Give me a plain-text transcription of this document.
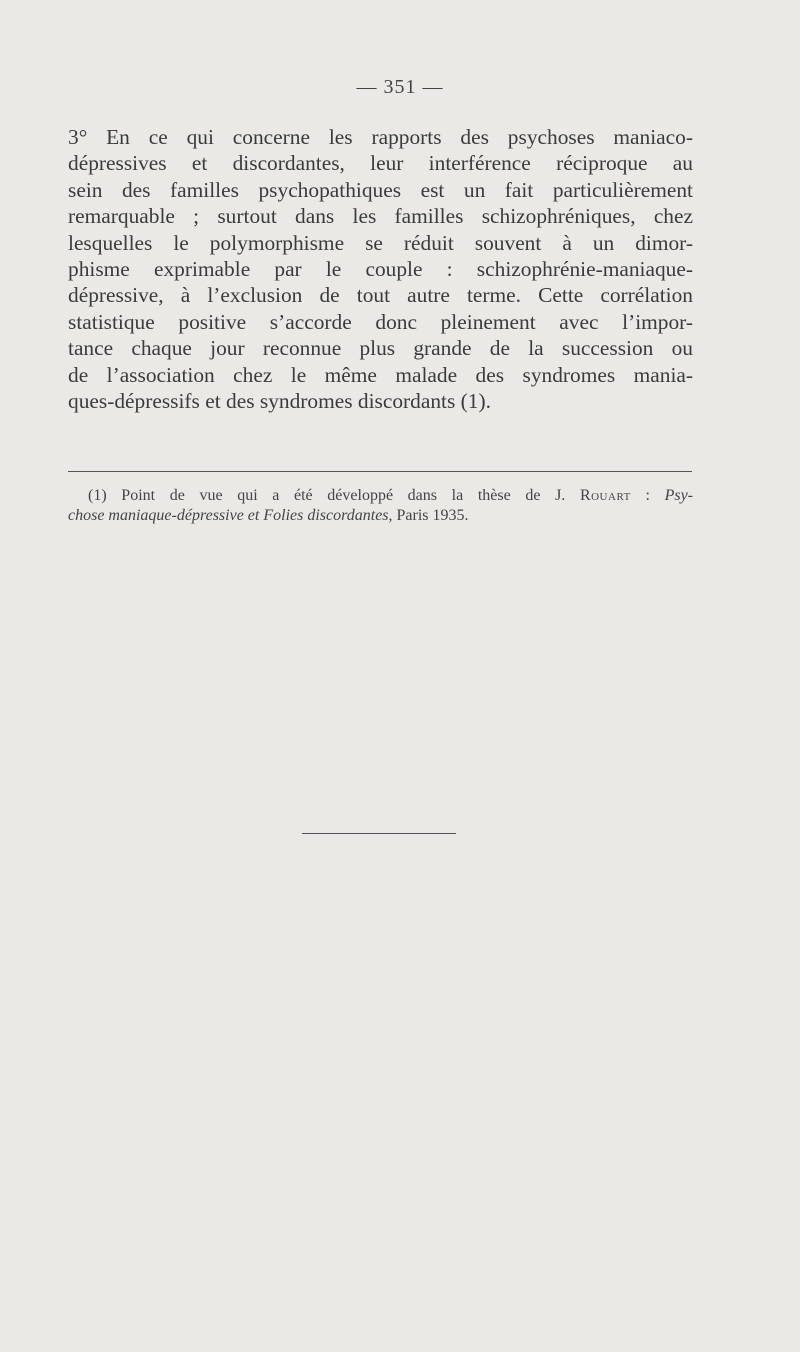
— 351 —
3° En ce qui concerne les rapports des psychoses maniaco-
dépressives et discordantes, leur interférence réciproque au
sein des familles psychopathiques est un fait particulièrement
remarquable ; surtout dans les familles schizophréniques, chez
lesquelles le polymorphisme se réduit souvent à un dimor-
phisme exprimable par le couple : schizophrénie-maniaque-
dépressive, à l’exclusion de tout autre terme. Cette corrélation
statistique positive s’accorde donc pleinement avec l’impor-
tance chaque jour reconnue plus grande de la succession ou
de l’association chez le même malade des syndromes mania-
ques-dépressifs et des syndromes discordants (1).
(1) Point de vue qui a été développé dans la thèse de J. Rouart : Psy-
chose maniaque-dépressive et Folies discordantes, Paris 1935.
